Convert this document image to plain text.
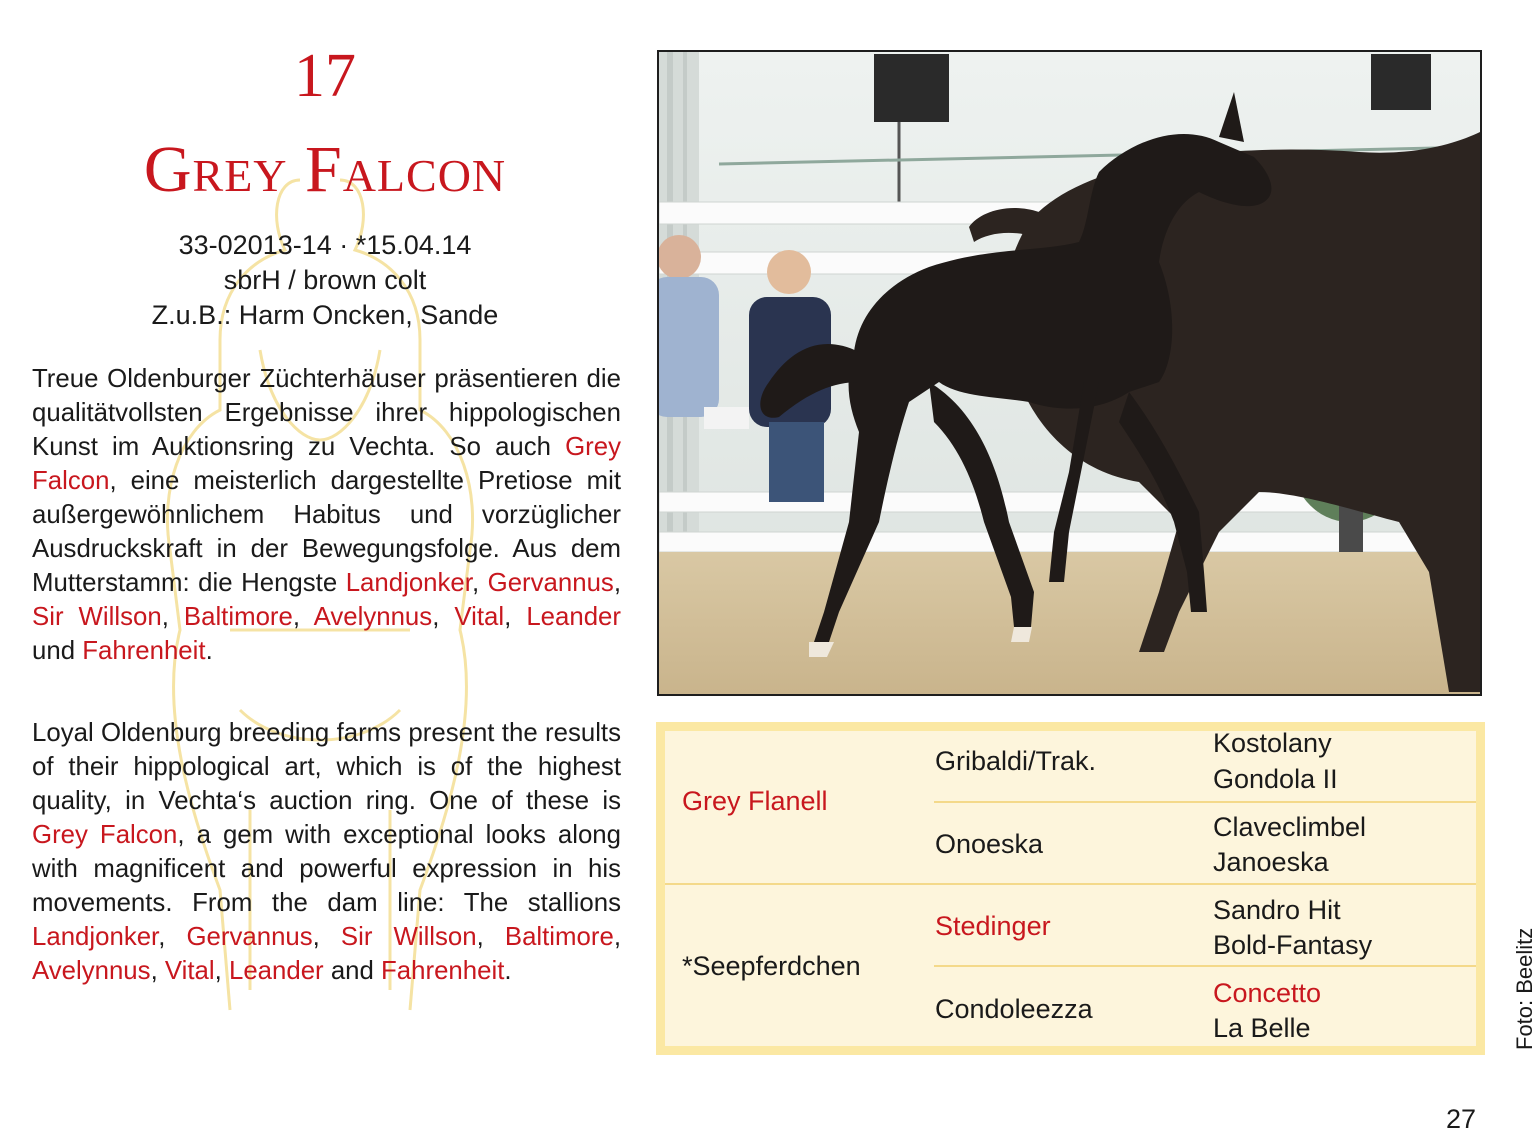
17
Grey Falcon
33-02013-14 · *15.04.14
sbrH / brown colt
Z.u.B.: Harm Oncken, Sande
Treue Oldenburger Züchterhäuser präsentieren die qualitätvollsten Ergebnisse ihrer hippologischen Kunst im Auktionsring zu Vechta. So auch Grey Falcon, eine meisterlich dargestellte Pretiose mit außergewöhnlichem Habitus und vorzüglicher Ausdruckskraft in der Bewegungsfolge. Aus dem Mutterstamm: die Hengste Landjonker, Gervannus, Sir Willson, Baltimore, Avelynnus, Vital, Leander und Fahrenheit.
Loyal Oldenburg breeding farms present the results of their hippological art, which is of the highest quality, in Vechta‘s auction ring. One of these is Grey Falcon, a gem with exceptional looks along with magnificent and powerful expression in his movements. From the dam line: The stallions Landjonker, Gervannus, Sir Willson, Baltimore, Avelynnus, Vital, Leander and Fahrenheit.
Grey Flanell
*Seepferdchen
Gribaldi/Trak.
Onoeska
Stedinger
Condoleezza
Kostolany
Gondola II
Claveclimbel
Janoeska
Sandro Hit
Bold-Fantasy
Concetto
La Belle	Foto: Beelitz
27
